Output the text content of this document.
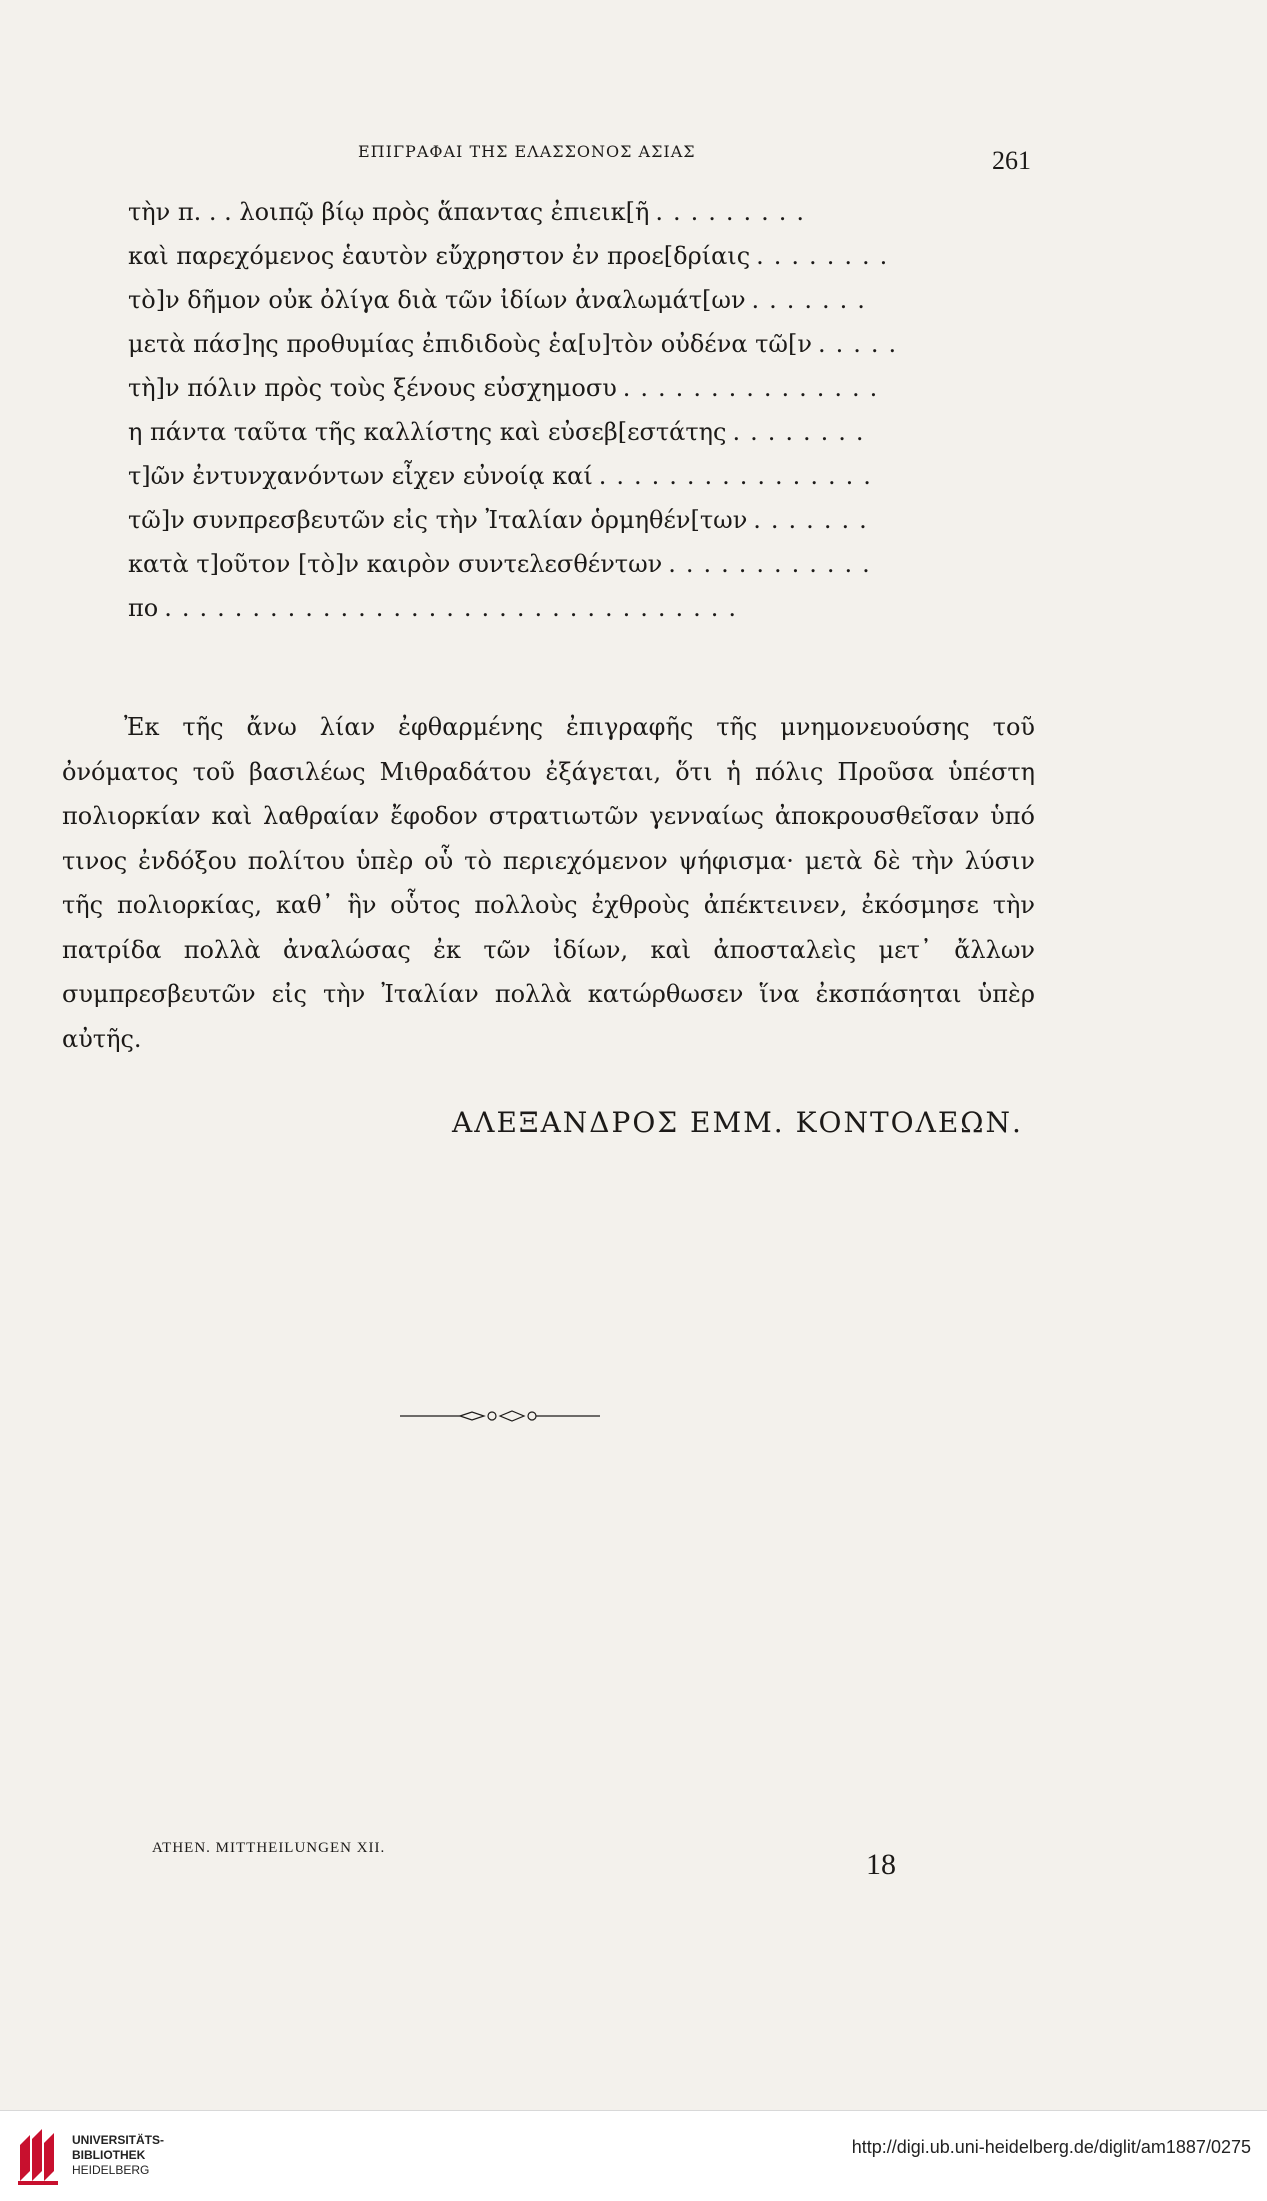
ΕΠΙΓΡΑΦΑΙ ΤΗΣ ΕΛΑΣΣΟΝΟΣ ΑΣΙΑΣ	261
τὴν π. . . λοιπῷ βίῳ πρὸς ἅπαντας ἐπιεικ[ῆ .........
καὶ παρεχόμενος ἑαυτὸν εὔχρηστον ἐν προε[δρίαις ........
τὸ]ν δῆμον οὐκ ὀλίγα διὰ τῶν ἰδίων ἀναλωμάτ[ων .......
μετὰ πάσ]ης προθυμίας ἐπιδιδοὺς ἑα[υ]τὸν οὐδένα τῶ[ν .....
τὴ]ν πόλιν πρὸς τοὺς ξένους εὐσχημοσυ ...............
η πάντα ταῦτα τῆς καλλίστης καὶ εὐσεβ[εστάτης ........
τ]ῶν ἐντυνχανόντων εἶχεν εὐνοίᾳ καί ................
τῶ]ν συνπρεσβευτῶν εἰς τὴν Ἰταλίαν ὁρμηθέν[των .......
κατὰ τ]οῦτον [τὸ]ν καιρὸν συντελεσθέντων ............
πο .................................

Ἐκ τῆς ἄνω λίαν ἐφθαρμένης ἐπιγραφῆς τῆς μνημονευούσης τοῦ ὀνόματος τοῦ βασιλέως Μιθραδάτου ἐξάγεται, ὅτι ἡ πόλις Προῦσα ὑπέστη πολιορκίαν καὶ λαθραίαν ἔφοδον στρατιωτῶν γενναίως ἀποκρουσθεῖσαν ὑπό τινος ἐνδόξου πολίτου ὑπὲρ οὗ τὸ περιεχόμενον ψήφισμα· μετὰ δὲ τὴν λύσιν τῆς πολιορκίας, καθ᾽ ἣν οὗτος πολλοὺς ἐχθροὺς ἀπέκτεινεν, ἐκόσμησε τὴν πατρίδα πολλὰ ἀναλώσας ἐκ τῶν ἰδίων, καὶ ἀποσταλεὶς μετ᾽ ἄλλων συμπρεσβευτῶν εἰς τὴν Ἰταλίαν πολλὰ κατώρθωσεν ἵνα ἐκσπάσηται ὑπὲρ αὐτῆς.

ΑΛΕΞΑΝΔΡΟΣ ΕΜΜ. ΚΟΝΤΟΛΕΩΝ.
ATHEN. MITTHEILUNGEN XII.	18
UNIVERSITÄTS-
BIBLIOTHEK
HEIDELBERG
http://digi.ub.uni-heidelberg.de/diglit/am1887/0275
